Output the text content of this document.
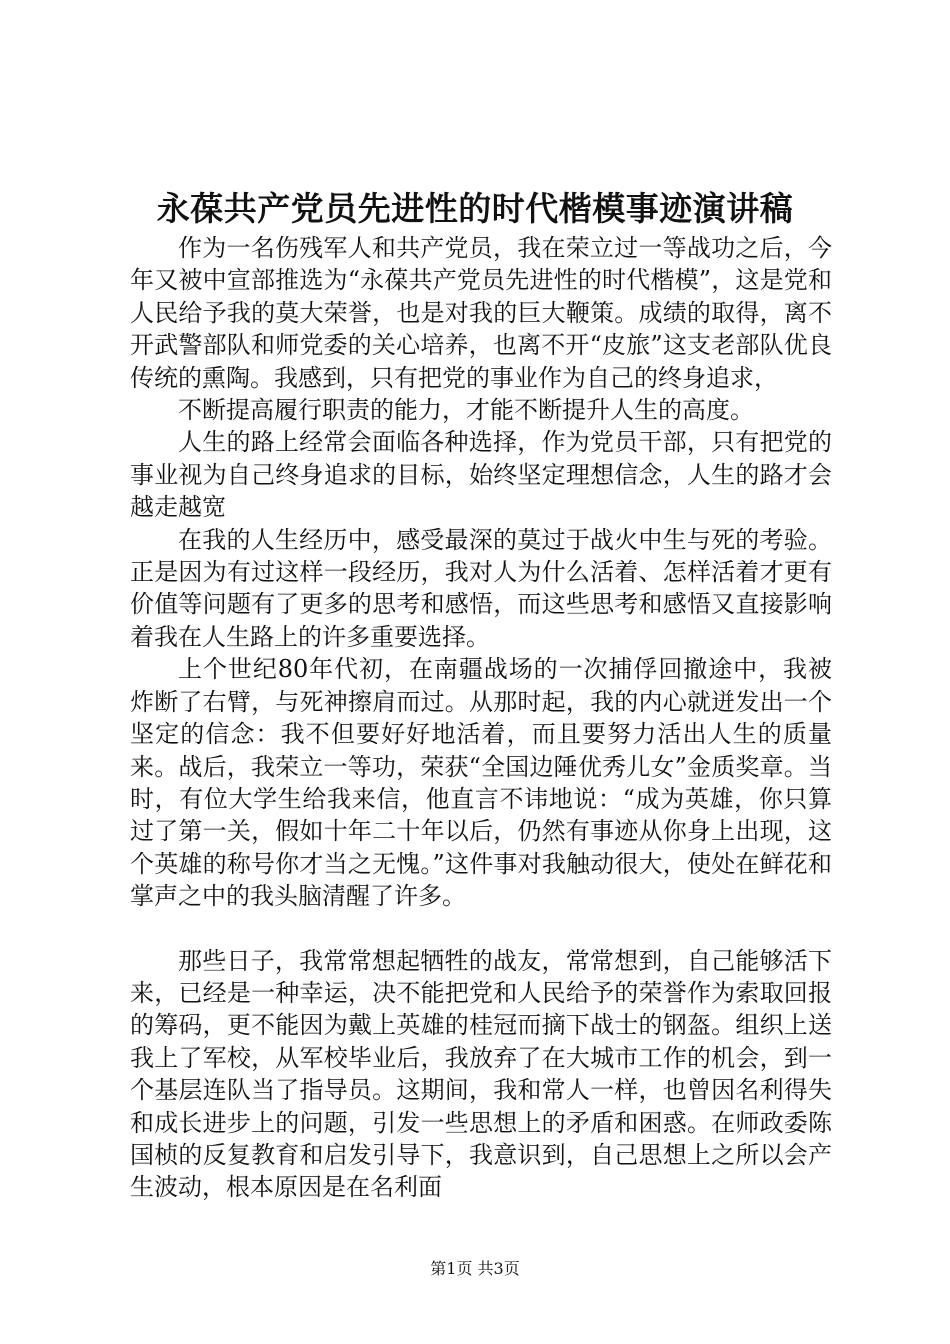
永葆共产党员先进性的时代楷模事迹演讲稿

作为一名伤残军人和共产党员，我在荣立过一等战功之后，今年又被中宣部推选为“永葆共产党员先进性的时代楷模”，这是党和人民给予我的莫大荣誉，也是对我的巨大鞭策。成绩的取得，离不开武警部队和师党委的关心培养，也离不开“皮旅”这支老部队优良传统的熏陶。我感到，只有把党的事业作为自己的终身追求，

不断提高履行职责的能力，才能不断提升人生的高度。

人生的路上经常会面临各种选择，作为党员干部，只有把党的事业视为自己终身追求的目标，始终坚定理想信念，人生的路才会越走越宽

在我的人生经历中，感受最深的莫过于战火中生与死的考验。正是因为有过这样一段经历，我对人为什么活着、怎样活着才更有价值等问题有了更多的思考和感悟，而这些思考和感悟又直接影响着我在人生路上的许多重要选择。

上个世纪80年代初，在南疆战场的一次捕俘回撤途中，我被炸断了右臂，与死神擦肩而过。从那时起，我的内心就迸发出一个坚定的信念：我不但要好好地活着，而且要努力活出人生的质量来。战后，我荣立一等功，荣获“全国边陲优秀儿女”金质奖章。当时，有位大学生给我来信，他直言不讳地说：“成为英雄，你只算过了第一关，假如十年二十年以后，仍然有事迹从你身上出现，这个英雄的称号你才当之无愧。”这件事对我触动很大，使处在鲜花和掌声之中的我头脑清醒了许多。

那些日子，我常常想起牺牲的战友，常常想到，自己能够活下来，已经是一种幸运，决不能把党和人民给予的荣誉作为索取回报的筹码，更不能因为戴上英雄的桂冠而摘下战士的钢盔。组织上送我上了军校，从军校毕业后，我放弃了在大城市工作的机会，到一个基层连队当了指导员。这期间，我和常人一样，也曾因名利得失和成长进步上的问题，引发一些思想上的矛盾和困惑。在师政委陈国桢的反复教育和启发引导下，我意识到，自己思想上之所以会产生波动，根本原因是在名利面

第1页 共3页
